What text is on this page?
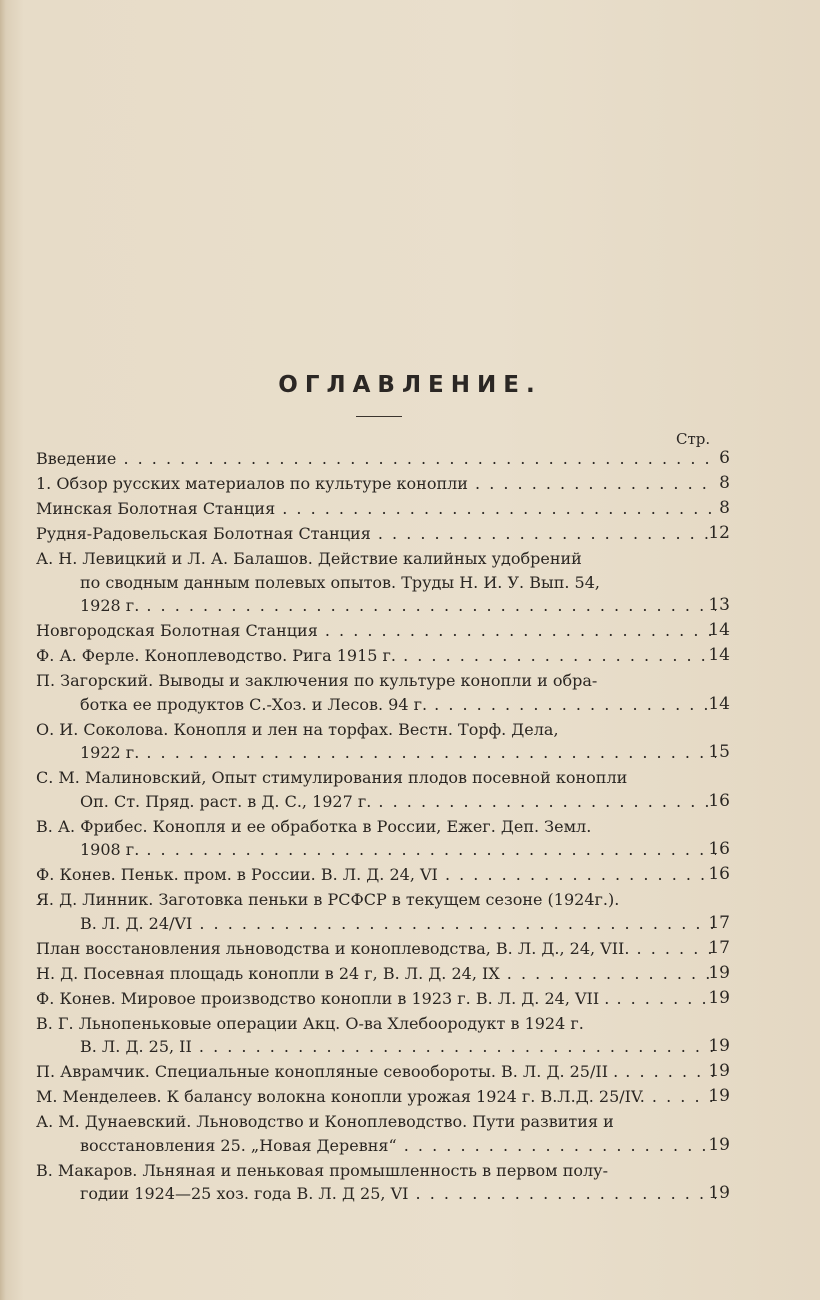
ОГЛАВЛЕНИЕ.
Стр.
Введение . . .	6
1. Обзор русских материалов по культуре конопли . . .	8
Минская Болотная Станция . . .	8
Рудня-Радовельская Болотная Станция . . .	12
А. Н. Левицкий и Л. А. Балашов. Действие калийных удобрений
по сводным данным полевых опытов. Труды Н. И. У. Вып. 54,
1928 г. . . .	13
Новгородская Болотная Станция . . .	14
Ф. А. Ферле. Коноплеводство. Рига 1915 г. . . .	14
П. Загорский. Выводы и заключения по культуре конопли и обра-
ботка ее продуктов С.-Хоз. и Лесов. 94 г. . . .	14
О. И. Соколова. Конопля и лен на торфах. Вестн. Торф. Дела,
1922 г. . . .	15
С. М. Малиновский, Опыт стимулирования плодов посевной конопли
Оп. Ст. Пряд. раст. в Д. С., 1927 г. . . .	16
В. А. Фрибес. Конопля и ее обработка в России, Ежег. Деп. Земл.
1908 г. . . .	16
Ф. Конев. Пеньк. пром. в России. В. Л. Д. 24, VI . . .	16
Я. Д. Линник. Заготовка пеньки в РСФСР в текущем сезоне (1924г.).
В. Л. Д. 24/VI . . .	17
План восстановления льноводства и коноплеводства, В. Л. Д., 24, VII. . . .	17
Н. Д. Посевная площадь конопли в 24 г, В. Л. Д. 24, IX . . .	19
Ф. Конев. Мировое производство конопли в 1923 г. В. Л. Д. 24, VII . . . .	19
В. Г. Льнопеньковые операции Акц. О-ва Хлебоородукт в 1924 г.
В. Л. Д. 25, II . . .	19
П. Аврамчик. Специальные конопляные севообороты. В. Л. Д. 25/II . . . .	19
М. Менделеев. К балансу волокна конопли урожая 1924 г. В.Л.Д. 25/IV. . . .	19
А. М. Дунаевский. Льноводство и Коноплеводство. Пути развития и
восстановления 25. „Новая Деревня“ . . .	19
В. Макаров. Льняная и пеньковая промышленность в первом полу-
годии 1924—25 хоз. года В. Л. Д 25, VI . . .	19
